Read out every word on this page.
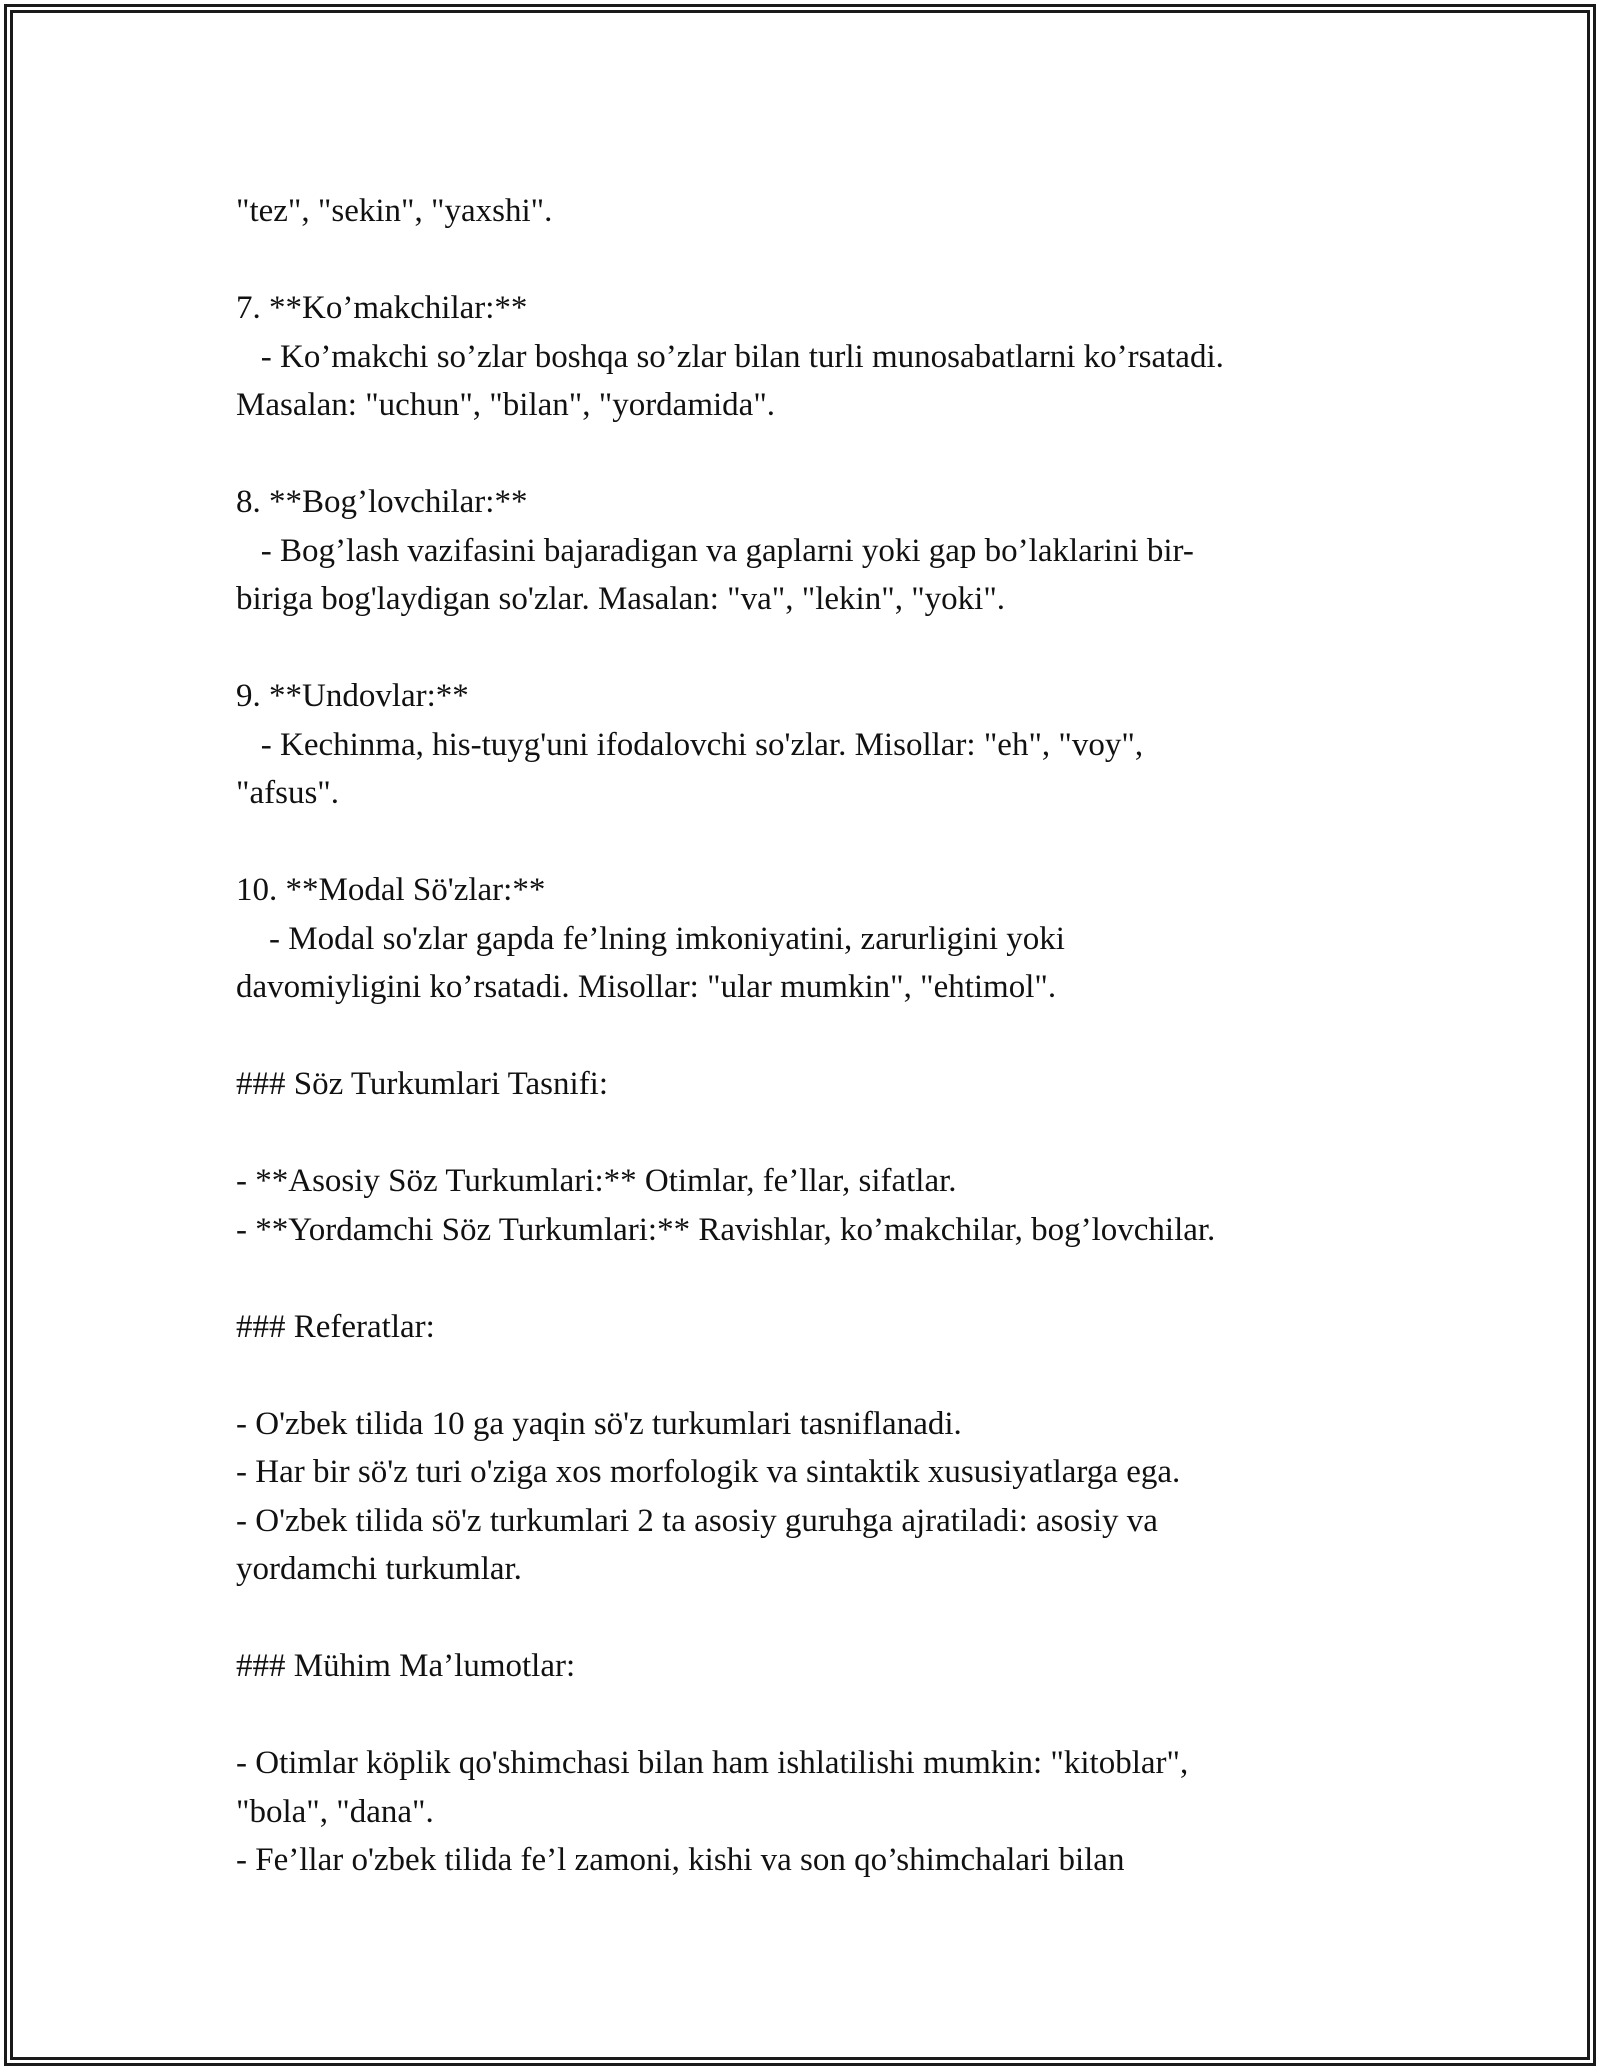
"tez", "sekin", "yaxshi".
7. **Ko’makchilar:**
- Ko’makchi so’zlar boshqa so’zlar bilan turli munosabatlarni ko’rsatadi.
Masalan: "uchun", "bilan", "yordamida".
8. **Bog’lovchilar:**
- Bog’lash vazifasini bajaradigan va gaplarni yoki gap bo’laklarini bir-
biriga bog'laydigan so'zlar. Masalan: "va", "lekin", "yoki".
9. **Undovlar:**
- Kechinma, his-tuyg'uni ifodalovchi so'zlar. Misollar: "eh", "voy",
"afsus".
10. **Modal Sö'zlar:**
- Modal so'zlar gapda fe’lning imkoniyatini, zarurligini yoki
davomiyligini ko’rsatadi. Misollar: "ular mumkin", "ehtimol".
### Söz Turkumlari Tasnifi:
- **Asosiy Söz Turkumlari:** Otimlar, fe’llar, sifatlar.
- **Yordamchi Söz Turkumlari:** Ravishlar, ko’makchilar, bog’lovchilar.
### Referatlar:
- O'zbek tilida 10 ga yaqin sö'z turkumlari tasniflanadi.
- Har bir sö'z turi o'ziga xos morfologik va sintaktik xususiyatlarga ega.
- O'zbek tilida sö'z turkumlari 2 ta asosiy guruhga ajratiladi: asosiy va
yordamchi turkumlar.
### Mühim Ma’lumotlar:
- Otimlar köplik qo'shimchasi bilan ham ishlatilishi mumkin: "kitoblar",
"bola", "dana".
- Fe’llar o'zbek tilida fe’l zamoni, kishi va son qo’shimchalari bilan
